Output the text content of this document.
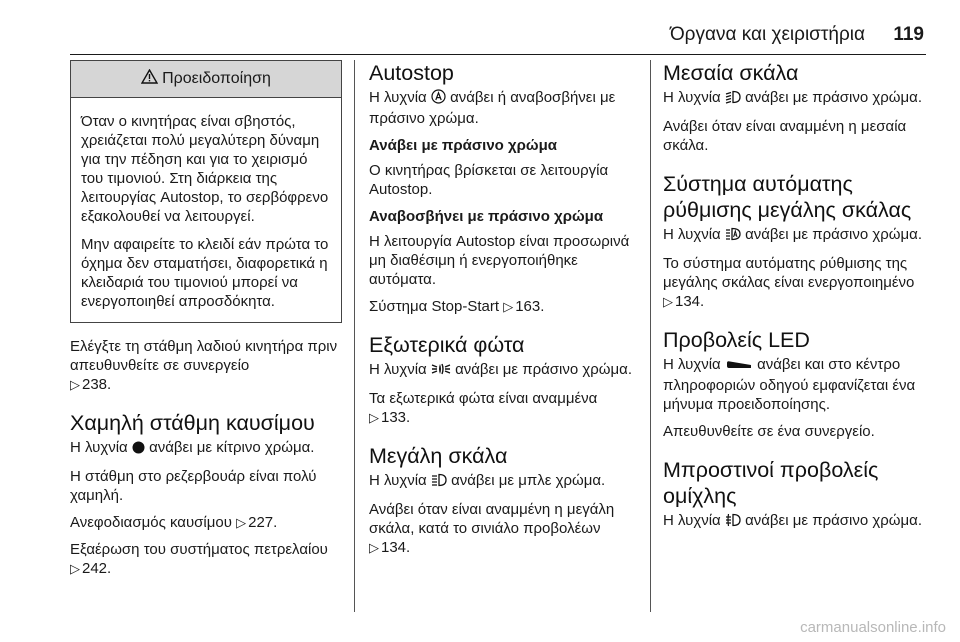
Όργανα και χειριστήρια 119
Προειδοποίηση

Όταν ο κινητήρας είναι σβηστός, χρειάζεται πολύ μεγαλύτερη δύναμη για την πέδηση και για το χειρισμό του τιμονιού. Στη διάρκεια της λειτουργίας Autostop, το σερβόφρενο εξακολουθεί να λειτουργεί.

Μην αφαιρείτε το κλειδί εάν πρώτα το όχημα δεν σταματήσει, διαφορετικά η κλειδαριά του τιμονιού μπορεί να ενεργοποιηθεί απροσδόκητα.

Ελέγξτε τη στάθμη λαδιού κινητήρα πριν απευθυνθείτε σε συνεργείο
▷ 238.

Χαμηλή στάθμη καυσίμου

Η λυχνία ανάβει με κίτρινο χρώμα.

Η στάθμη στο ρεζερβουάρ είναι πολύ χαμηλή.

Ανεφοδιασμός καυσίμου ▷ 227.

Εξαέρωση του συστήματος πετρελαίου ▷ 242.

Autostop

Η λυχνία ανάβει ή αναβοσβήνει με πράσινο χρώμα.

Ανάβει με πράσινο χρώμα

Ο κινητήρας βρίσκεται σε λειτουργία Autostop.

Αναβοσβήνει με πράσινο χρώμα

Η λειτουργία Autostop είναι προσωρινά μη διαθέσιμη ή ενεργοποιήθηκε αυτόματα.

Σύστημα Stop-Start ▷ 163.

Εξωτερικά φώτα

Η λυχνία ανάβει με πράσινο χρώμα.

Τα εξωτερικά φώτα είναι αναμμένα
▷ 133.

Μεγάλη σκάλα

Η λυχνία ανάβει με μπλε χρώμα.

Ανάβει όταν είναι αναμμένη η μεγάλη σκάλα, κατά το σινιάλο προβολέων
▷ 134.

Μεσαία σκάλα

Η λυχνία ανάβει με πράσινο χρώμα.

Ανάβει όταν είναι αναμμένη η μεσαία σκάλα.

Σύστημα αυτόματης ρύθμισης μεγάλης σκάλας

Η λυχνία ανάβει με πράσινο χρώμα.

Το σύστημα αυτόματης ρύθμισης της μεγάλης σκάλας είναι ενεργοποιημένο ▷ 134.

Προβολείς LED

Η λυχνία ανάβει και στο κέντρο πληροφοριών οδηγού εμφανίζεται ένα μήνυμα προειδοποίησης.

Απευθυνθείτε σε ένα συνεργείο.

Μπροστινοί προβολείς ομίχλης

Η λυχνία ανάβει με πράσινο χρώμα.

carmanualsonline.info
